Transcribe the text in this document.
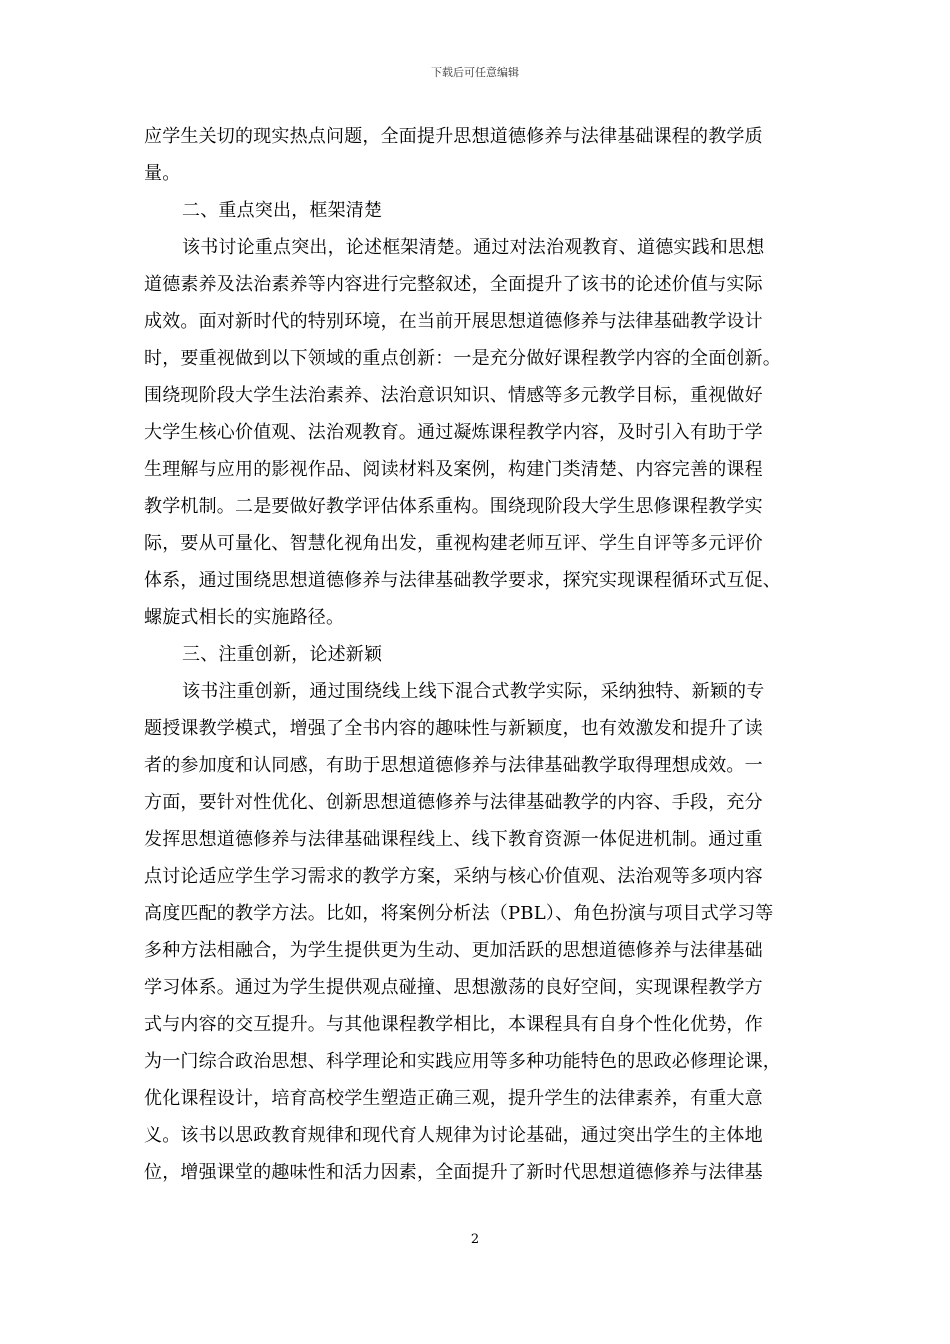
下载后可任意编辑
应学生关切的现实热点问题，全面提升思想道德修养与法律基础课程的教学质
量。
二、重点突出，框架清楚
该书讨论重点突出，论述框架清楚。通过对法治观教育、道德实践和思想
道德素养及法治素养等内容进行完整叙述，全面提升了该书的论述价值与实际
成效。面对新时代的特别环境，在当前开展思想道德修养与法律基础教学设计
时，要重视做到以下领域的重点创新：一是充分做好课程教学内容的全面创新。
围绕现阶段大学生法治素养、法治意识知识、情感等多元教学目标，重视做好
大学生核心价值观、法治观教育。通过凝炼课程教学内容，及时引入有助于学
生理解与应用的影视作品、阅读材料及案例，构建门类清楚、内容完善的课程
教学机制。二是要做好教学评估体系重构。围绕现阶段大学生思修课程教学实
际，要从可量化、智慧化视角出发，重视构建老师互评、学生自评等多元评价
体系，通过围绕思想道德修养与法律基础教学要求，探究实现课程循环式互促、
螺旋式相长的实施路径。
三、注重创新，论述新颖
该书注重创新，通过围绕线上线下混合式教学实际，采纳独特、新颖的专
题授课教学模式，增强了全书内容的趣味性与新颖度，也有效激发和提升了读
者的参加度和认同感，有助于思想道德修养与法律基础教学取得理想成效。一
方面，要针对性优化、创新思想道德修养与法律基础教学的内容、手段，充分
发挥思想道德修养与法律基础课程线上、线下教育资源一体促进机制。通过重
点讨论适应学生学习需求的教学方案，采纳与核心价值观、法治观等多项内容
高度匹配的教学方法。比如，将案例分析法（PBL）、角色扮演与项目式学习等
多种方法相融合，为学生提供更为生动、更加活跃的思想道德修养与法律基础
学习体系。通过为学生提供观点碰撞、思想激荡的良好空间，实现课程教学方
式与内容的交互提升。与其他课程教学相比，本课程具有自身个性化优势，作
为一门综合政治思想、科学理论和实践应用等多种功能特色的思政必修理论课，
优化课程设计，培育高校学生塑造正确三观，提升学生的法律素养，有重大意
义。该书以思政教育规律和现代育人规律为讨论基础，通过突出学生的主体地
位，增强课堂的趣味性和活力因素，全面提升了新时代思想道德修养与法律基
2
